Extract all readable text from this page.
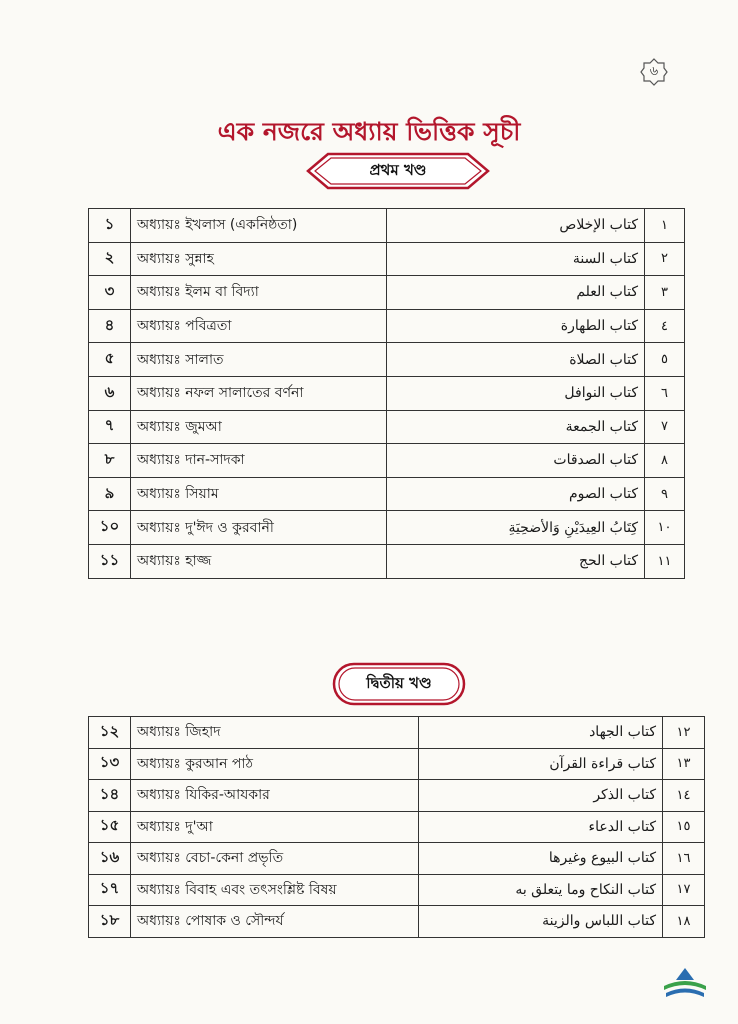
৬
এক নজরে অধ্যায় ভিত্তিক সূচী
প্রথম খণ্ড
১	অধ্যায়ঃ ইখলাস (একনিষ্ঠতা)	كتاب الإخلاص	١
২	অধ্যায়ঃ সুন্নাহ	كتاب السنة	٢
৩	অধ্যায়ঃ ইলম বা বিদ্যা	كتاب العلم	٣
৪	অধ্যায়ঃ পবিত্রতা	كتاب الطهارة	٤
৫	অধ্যায়ঃ সালাত	كتاب الصلاة	٥
৬	অধ্যায়ঃ নফল সালাতের বর্ণনা	كتاب النوافل	٦
৭	অধ্যায়ঃ জুমআ	كتاب الجمعة	٧
৮	অধ্যায়ঃ দান-সাদকা	كتاب الصدقات	٨
৯	অধ্যায়ঃ সিয়াম	كتاب الصوم	٩
১০	অধ্যায়ঃ দু'ঈদ ও কুরবানী	كِتَابُ العِيدَيْنِ وَالأضحِيَةِ	١٠
১১	অধ্যায়ঃ হাজ্জ	كتاب الحج	١١
দ্বিতীয় খণ্ড
১২	অধ্যায়ঃ জিহাদ	كتاب الجهاد	١٢
১৩	অধ্যায়ঃ কুরআন পাঠ	كتاب قراءة القرآن	١٣
১৪	অধ্যায়ঃ যিকির-আযকার	كتاب الذكر	١٤
১৫	অধ্যায়ঃ দু'আ	كتاب الدعاء	١٥
১৬	অধ্যায়ঃ বেচা-কেনা প্রভৃতি	كتاب البيوع وغيرها	١٦
১৭	অধ্যায়ঃ বিবাহ এবং তৎসংশ্লিষ্ট বিষয়	كتاب النكاح وما يتعلق به	١٧
১৮	অধ্যায়ঃ পোষাক ও সৌন্দর্য	كتاب اللباس والزينة	١٨
